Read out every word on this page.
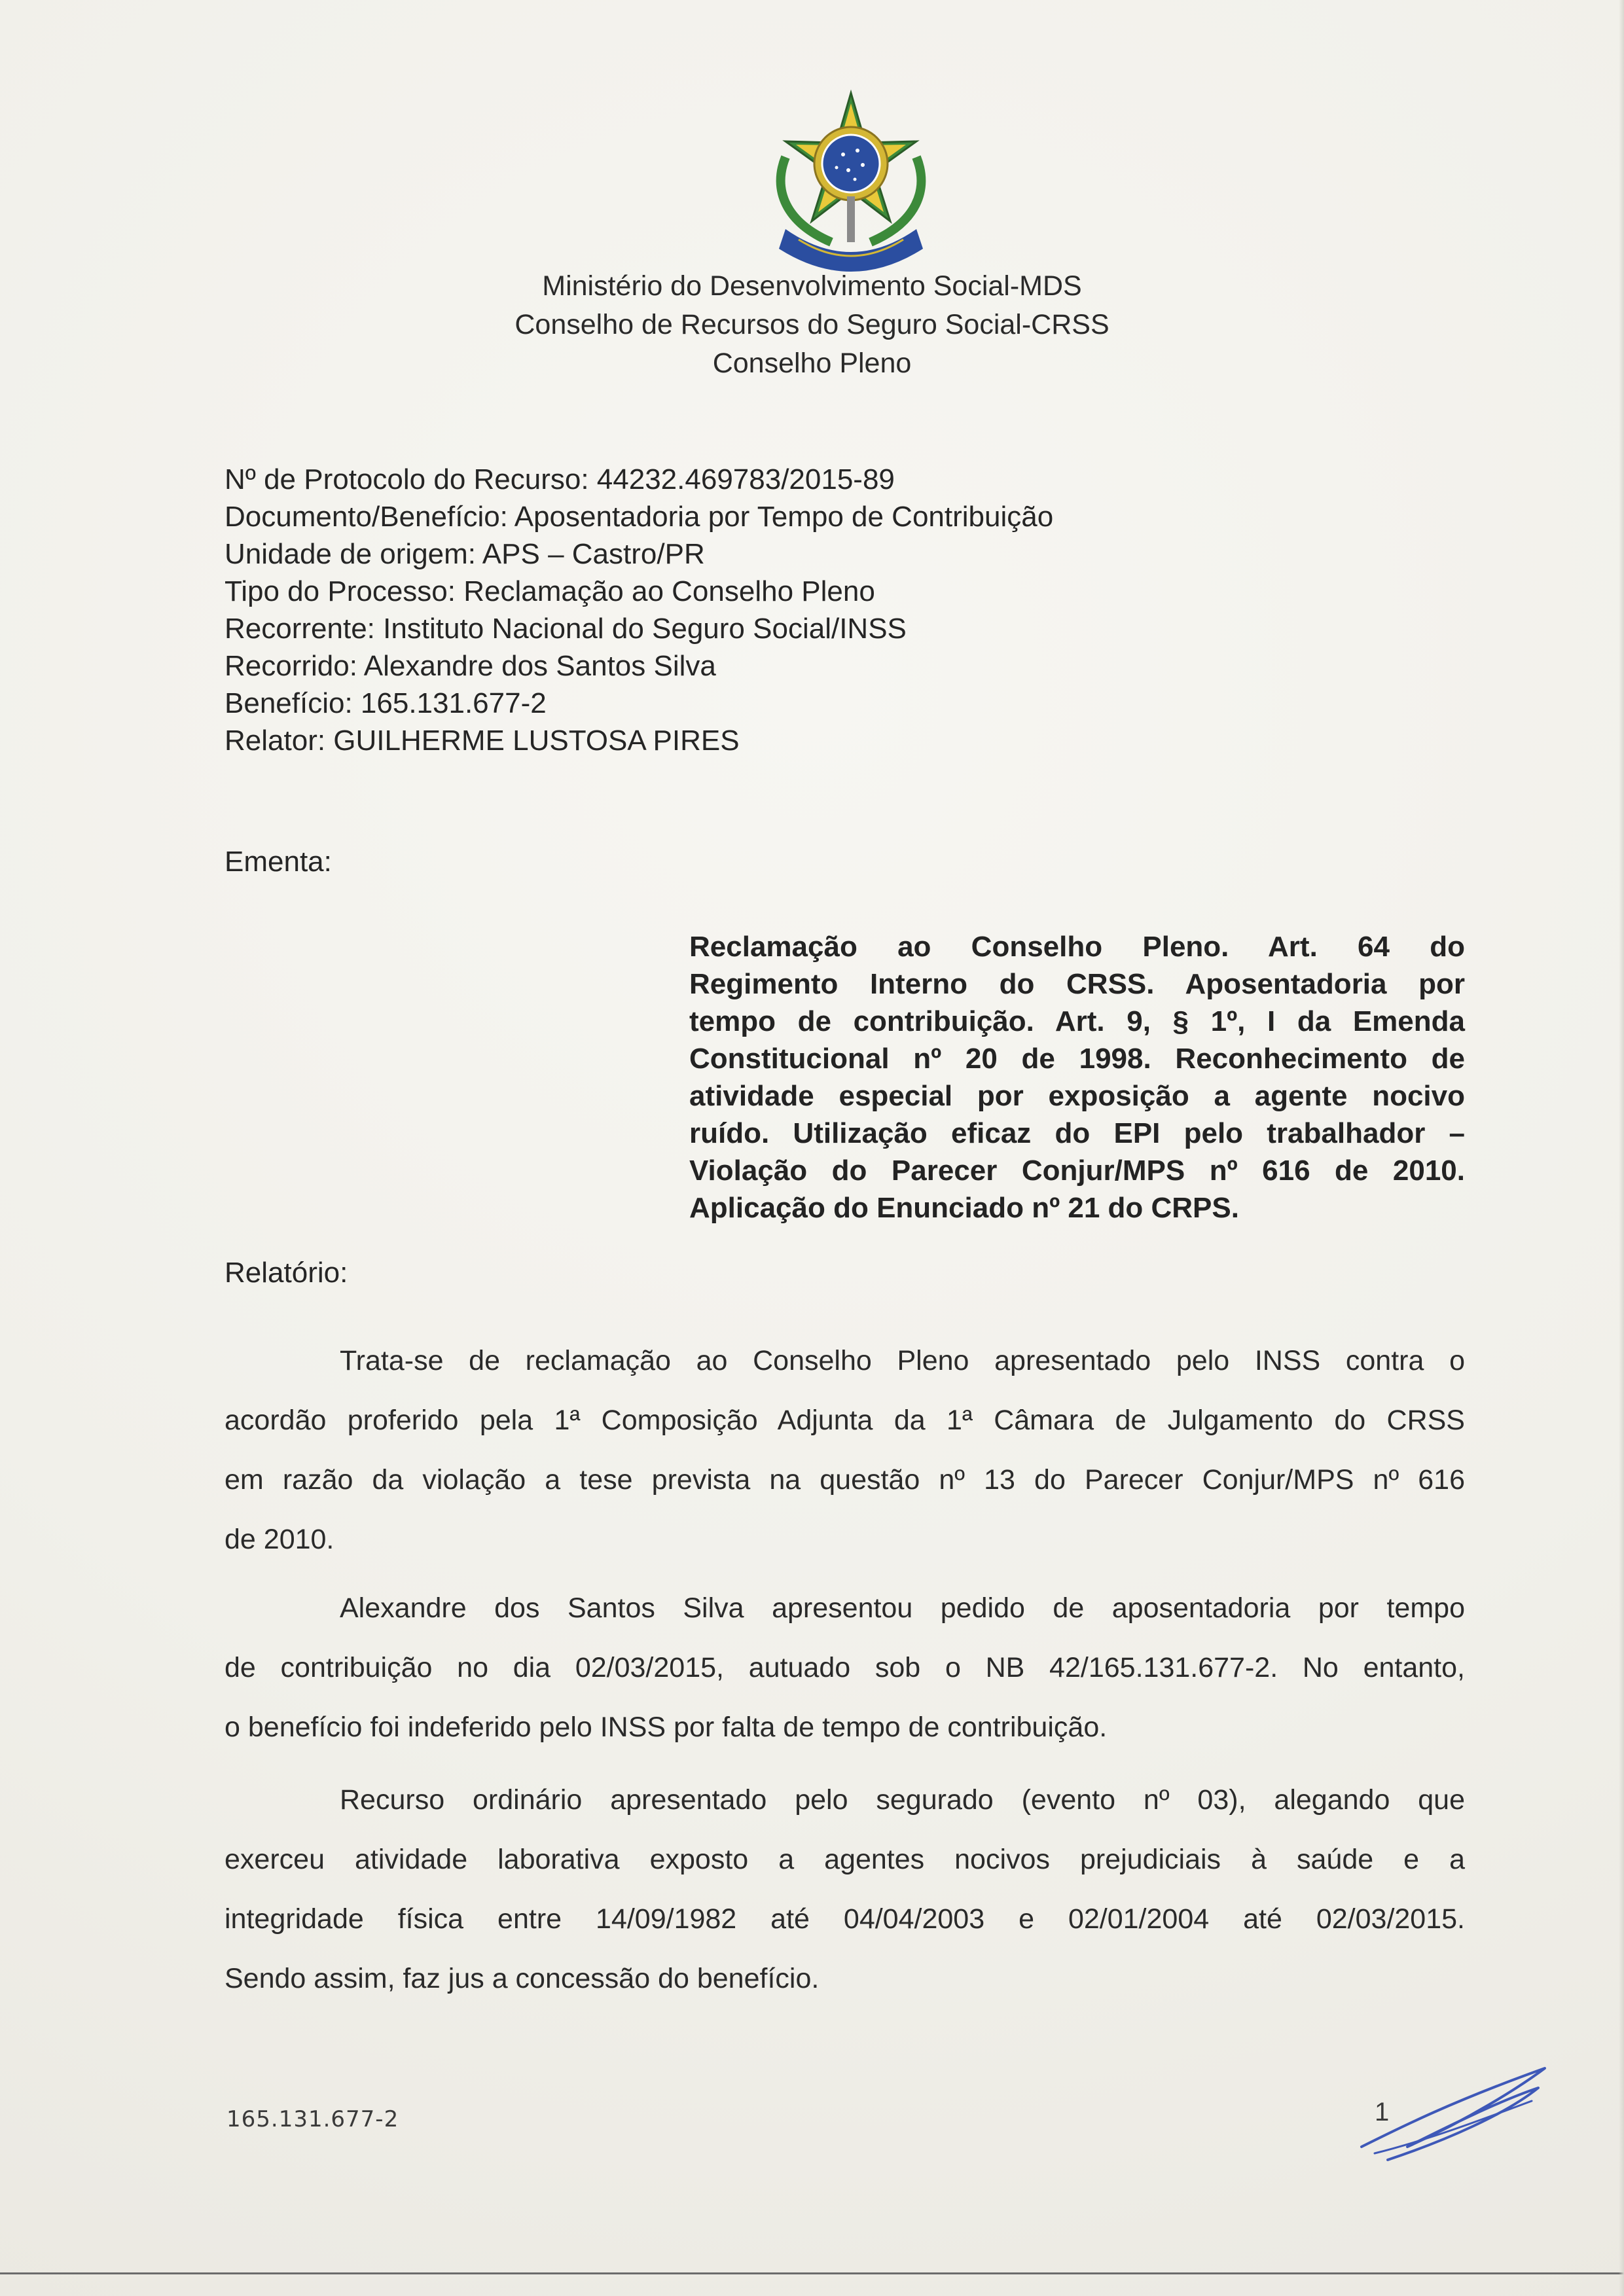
Ministério do Desenvolvimento Social-MDS
Conselho de Recursos do Seguro Social-CRSS
Conselho Pleno
Nº de Protocolo do Recurso: 44232.469783/2015-89
Documento/Benefício: Aposentadoria por Tempo de Contribuição
Unidade de origem: APS – Castro/PR
Tipo do Processo: Reclamação ao Conselho Pleno
Recorrente: Instituto Nacional do Seguro Social/INSS
Recorrido: Alexandre dos Santos Silva
Benefício: 165.131.677-2
Relator: GUILHERME LUSTOSA PIRES
Ementa:
Reclamação ao Conselho Pleno. Art. 64 do
Regimento Interno do CRSS. Aposentadoria por
tempo de contribuição. Art. 9, § 1º, I da Emenda
Constitucional nº 20 de 1998. Reconhecimento de
atividade especial por exposição a agente nocivo
ruído. Utilização eficaz do EPI pelo trabalhador –
Violação do Parecer Conjur/MPS nº 616 de 2010.
Aplicação do Enunciado nº 21 do CRPS.
Relatório:
Trata-se de reclamação ao Conselho Pleno apresentado pelo INSS contra o
acordão proferido pela 1ª Composição Adjunta da 1ª Câmara de Julgamento do CRSS
em razão da violação a tese prevista na questão nº 13 do Parecer Conjur/MPS nº 616
de 2010.
Alexandre dos Santos Silva apresentou pedido de aposentadoria por tempo
de contribuição no dia 02/03/2015, autuado sob o NB 42/165.131.677-2. No entanto,
o benefício foi indeferido pelo INSS por falta de tempo de contribuição.
Recurso ordinário apresentado pelo segurado (evento nº 03), alegando que
exerceu atividade laborativa exposto a agentes nocivos prejudiciais à saúde e a
integridade física entre 14/09/1982 até 04/04/2003 e 02/01/2004 até 02/03/2015.
Sendo assim, faz jus a concessão do benefício.
165.131.677-2	1
